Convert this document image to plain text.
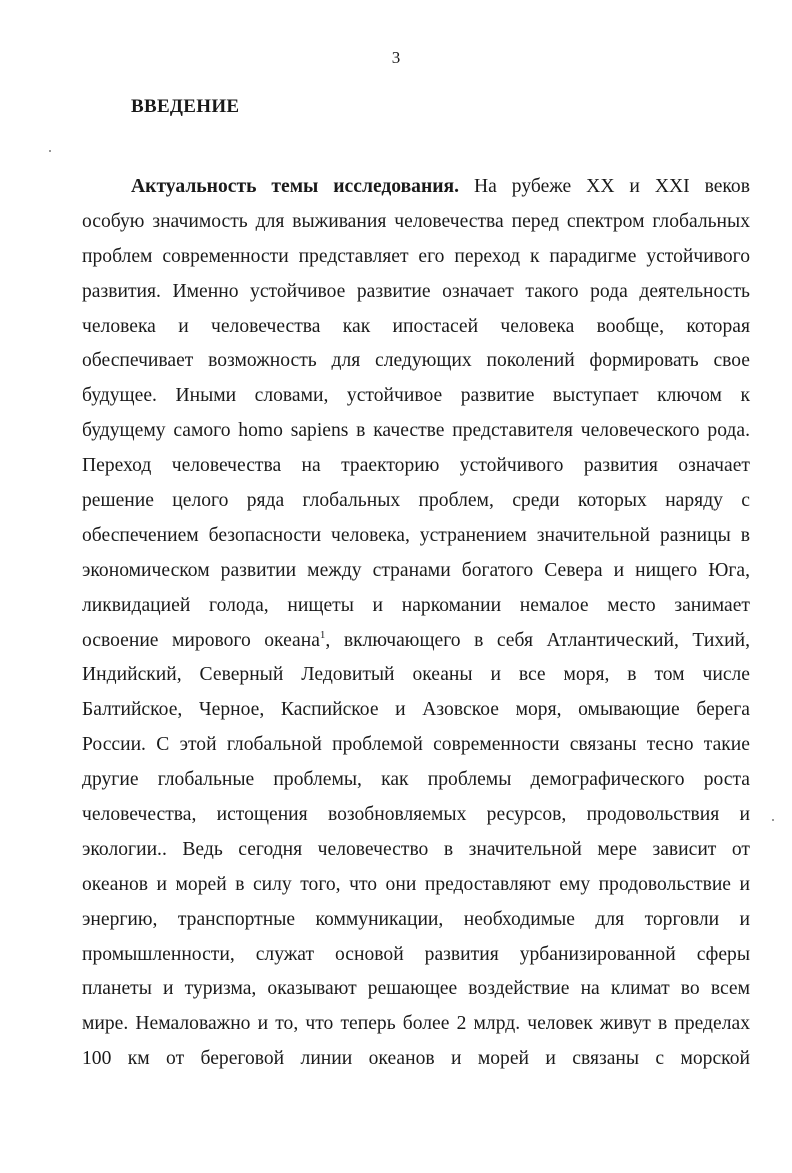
3
ВВЕДЕНИЕ
Актуальность темы исследования. На рубеже XX и XXI веков
особую значимость для выживания человечества перед спектром глобальных
проблем современности представляет его переход к парадигме устойчивого
развития. Именно устойчивое развитие означает такого рода деятельность
человека и человечества как ипостасей человека вообще, которая
обеспечивает возможность для следующих поколений формировать свое
будущее. Иными словами, устойчивое развитие выступает ключом к
будущему самого homo sapiens в качестве представителя человеческого рода.
Переход человечества на траекторию устойчивого развития означает
решение целого ряда глобальных проблем, среди которых наряду с
обеспечением безопасности человека, устранением значительной разницы в
экономическом развитии между странами богатого Севера и нищего Юга,
ликвидацией голода, нищеты и наркомании немалое место занимает
освоение мирового океана$^1$, включающего в себя Атлантический, Тихий,
Индийский, Северный Ледовитый океаны и все моря, в том числе
Балтийское, Черное, Каспийское и Азовское моря, омывающие берега
России. С этой глобальной проблемой современности связаны тесно такие
другие глобальные проблемы, как проблемы демографического роста
человечества, истощения возобновляемых ресурсов, продовольствия и
экологии.. Ведь сегодня человечество в значительной мере зависит от
океанов и морей в силу того, что они предоставляют ему продовольствие и
энергию, транспортные коммуникации, необходимые для торговли и
промышленности, служат основой развития урбанизированной сферы
планеты и туризма, оказывают решающее воздействие на климат во всем
мире. Немаловажно и то, что теперь более 2 млрд. человек живут в пределах
100 км от береговой линии океанов и морей и связаны с морской
